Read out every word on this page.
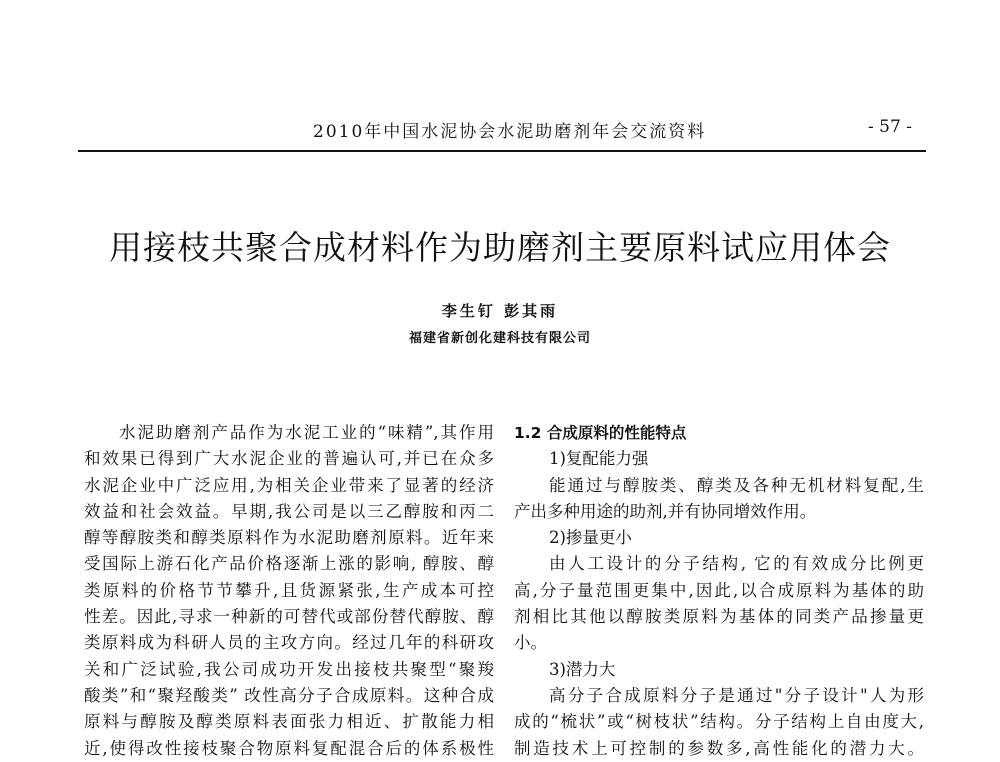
2010年中国水泥协会水泥助磨剂年会交流资料	- 57 -
用接枝共聚合成材料作为助磨剂主要原料试应用体会
李生钉 彭其雨
福建省新创化建科技有限公司
水泥助磨剂产品作为水泥工业的“味精”,其作用
和效果已得到广大水泥企业的普遍认可,并已在众多
水泥企业中广泛应用,为相关企业带来了显著的经济
效益和社会效益。早期,我公司是以三乙醇胺和丙二
醇等醇胺类和醇类原料作为水泥助磨剂原料。近年来
受国际上游石化产品价格逐渐上涨的影响, 醇胺、醇
类原料的价格节节攀升,且货源紧张,生产成本可控
性差。因此,寻求一种新的可替代或部份替代醇胺、醇
类原料成为科研人员的主攻方向。经过几年的科研攻
关和广泛试验,我公司成功开发出接枝共聚型“聚羧
酸类”和“聚羟酸类” 改性高分子合成原料。这种合成
原料与醇胺及醇类原料表面张力相近、扩散能力相
近,使得改性接枝聚合物原料复配混合后的体系极性
1.2 合成原料的性能特点
1)复配能力强
能通过与醇胺类、醇类及各种无机材料复配,生
产出多种用途的助剂,并有协同增效作用。
2)掺量更小
由人工设计的分子结构, 它的有效成分比例更
高,分子量范围更集中,因此,以合成原料为基体的助
剂相比其他以醇胺类原料为基体的同类产品掺量更
小。
3)潜力大
高分子合成原料分子是通过"分子设计"人为形
成的“梳状”或“树枝状”结构。分子结构上自由度大,
制造技术上可控制的参数多,高性能化的潜力大。
